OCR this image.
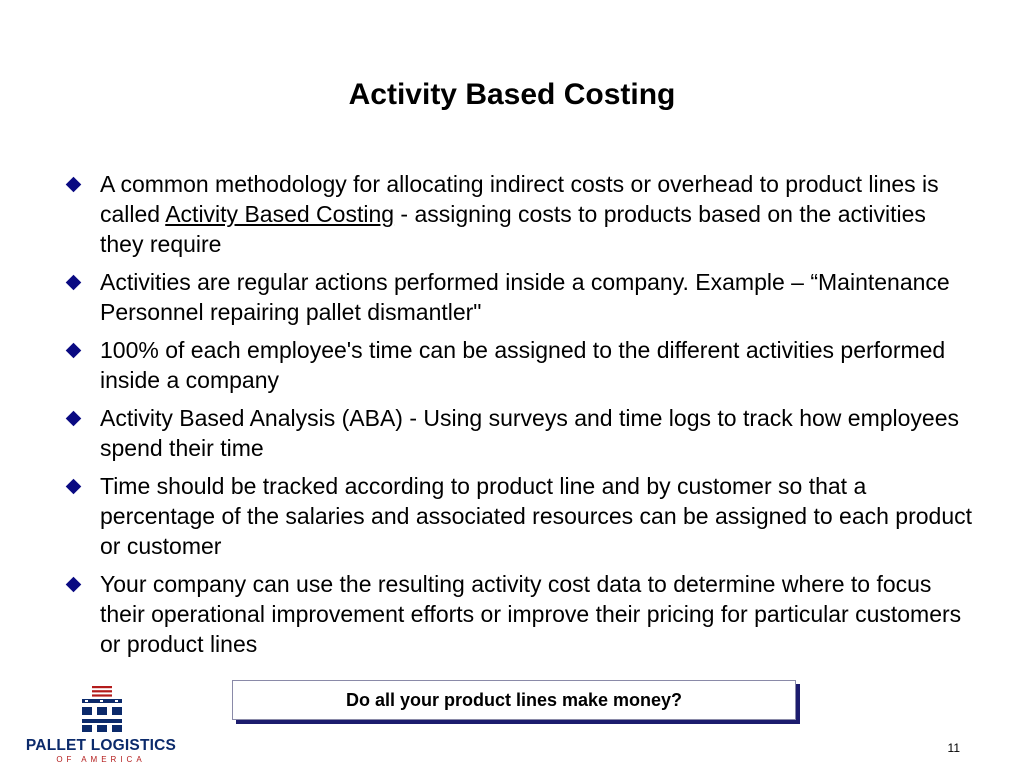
Activity Based Costing
A common methodology for allocating indirect costs or overhead to product lines is called Activity Based Costing - assigning costs to products based on the activities they require
Activities are regular actions performed inside a company. Example – “Maintenance Personnel repairing pallet dismantler"
100% of each employee's time can be assigned to the different activities performed inside a company
Activity Based Analysis (ABA) - Using surveys and time logs to track how employees spend their time
Time should be tracked according to product line and by customer so that a percentage of the salaries and associated resources can be assigned to each product or customer
Your company can use the resulting activity cost data to determine where to focus their operational improvement efforts or improve their pricing for particular customers or product lines
Do all your product lines make money?
PALLET LOGISTICS
OF AMERICA
11
